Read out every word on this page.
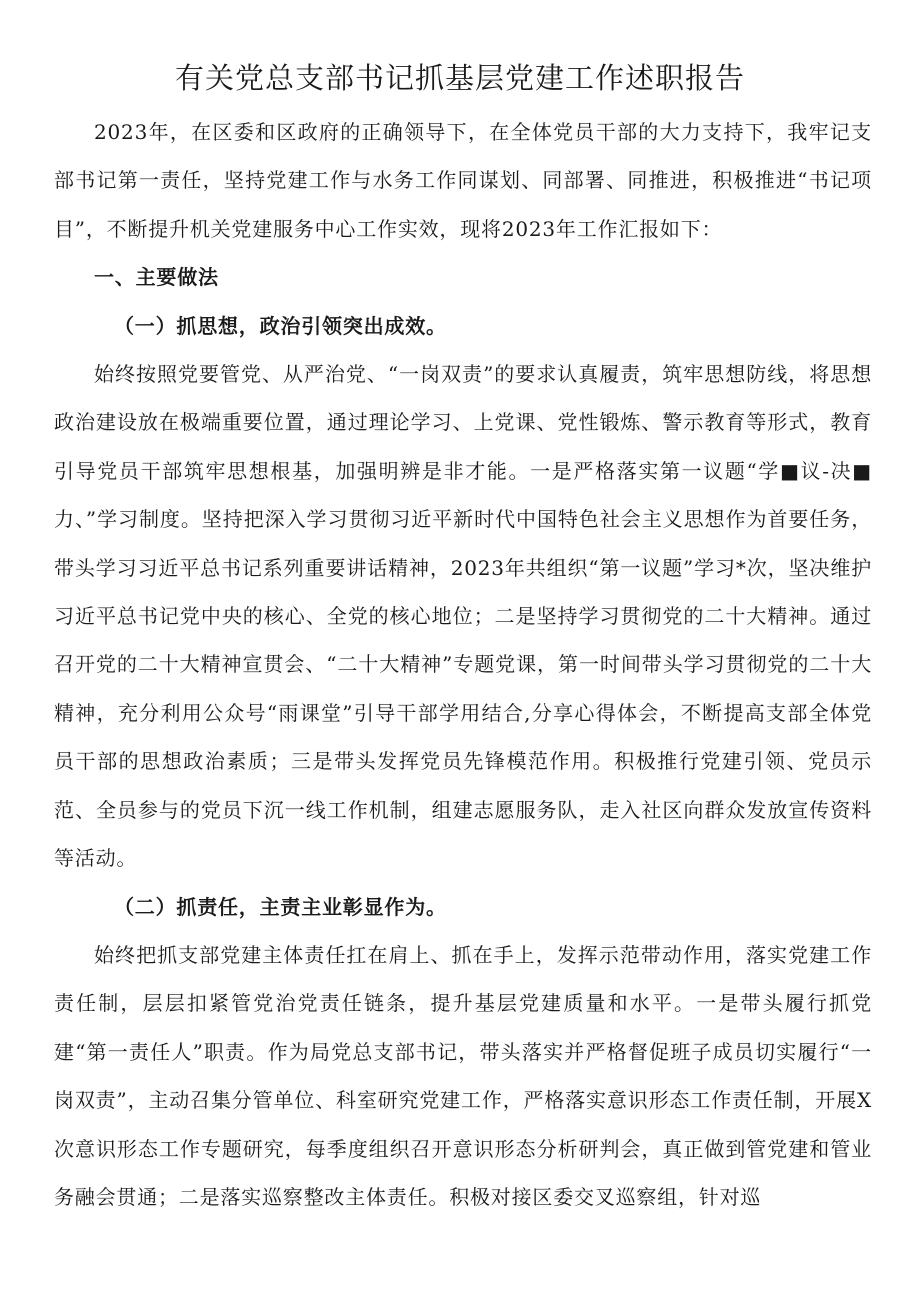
有关党总支部书记抓基层党建工作述职报告

2023年，在区委和区政府的正确领导下，在全体党员干部的大力支持下，我牢记支部书记第一责任，坚持党建工作与水务工作同谋划、同部署、同推进，积极推进“书记项目”，不断提升机关党建服务中心工作实效，现将2023年工作汇报如下：

一、主要做法

（一）抓思想，政治引领突出成效。

始终按照党要管党、从严治党、“一岗双责”的要求认真履责，筑牢思想防线，将思想政治建设放在极端重要位置，通过理论学习、上党课、党性锻炼、警示教育等形式，教育引导党员干部筑牢思想根基，加强明辨是非才能。一是严格落实第一议题“学■议-决■力、”学习制度。坚持把深入学习贯彻习近平新时代中国特色社会主义思想作为首要任务，带头学习习近平总书记系列重要讲话精神，2023年共组织“第一议题”学习*次，坚决维护习近平总书记党中央的核心、全党的核心地位；二是坚持学习贯彻党的二十大精神。通过召开党的二十大精神宣贯会、“二十大精神”专题党课，第一时间带头学习贯彻党的二十大精神，充分利用公众号“雨课堂”引导干部学用结合,分享心得体会，不断提高支部全体党员干部的思想政治素质；三是带头发挥党员先锋模范作用。积极推行党建引领、党员示范、全员参与的党员下沉一线工作机制，组建志愿服务队，走入社区向群众发放宣传资料等活动。

（二）抓责任，主责主业彰显作为。

始终把抓支部党建主体责任扛在肩上、抓在手上，发挥示范带动作用，落实党建工作责任制，层层扣紧管党治党责任链条，提升基层党建质量和水平。一是带头履行抓党建“第一责任人”职责。作为局党总支部书记，带头落实并严格督促班子成员切实履行“一岗双责”，主动召集分管单位、科室研究党建工作，严格落实意识形态工作责任制，开展X次意识形态工作专题研究，每季度组织召开意识形态分析研判会，真正做到管党建和管业务融会贯通；二是落实巡察整改主体责任。积极对接区委交叉巡察组，针对巡
